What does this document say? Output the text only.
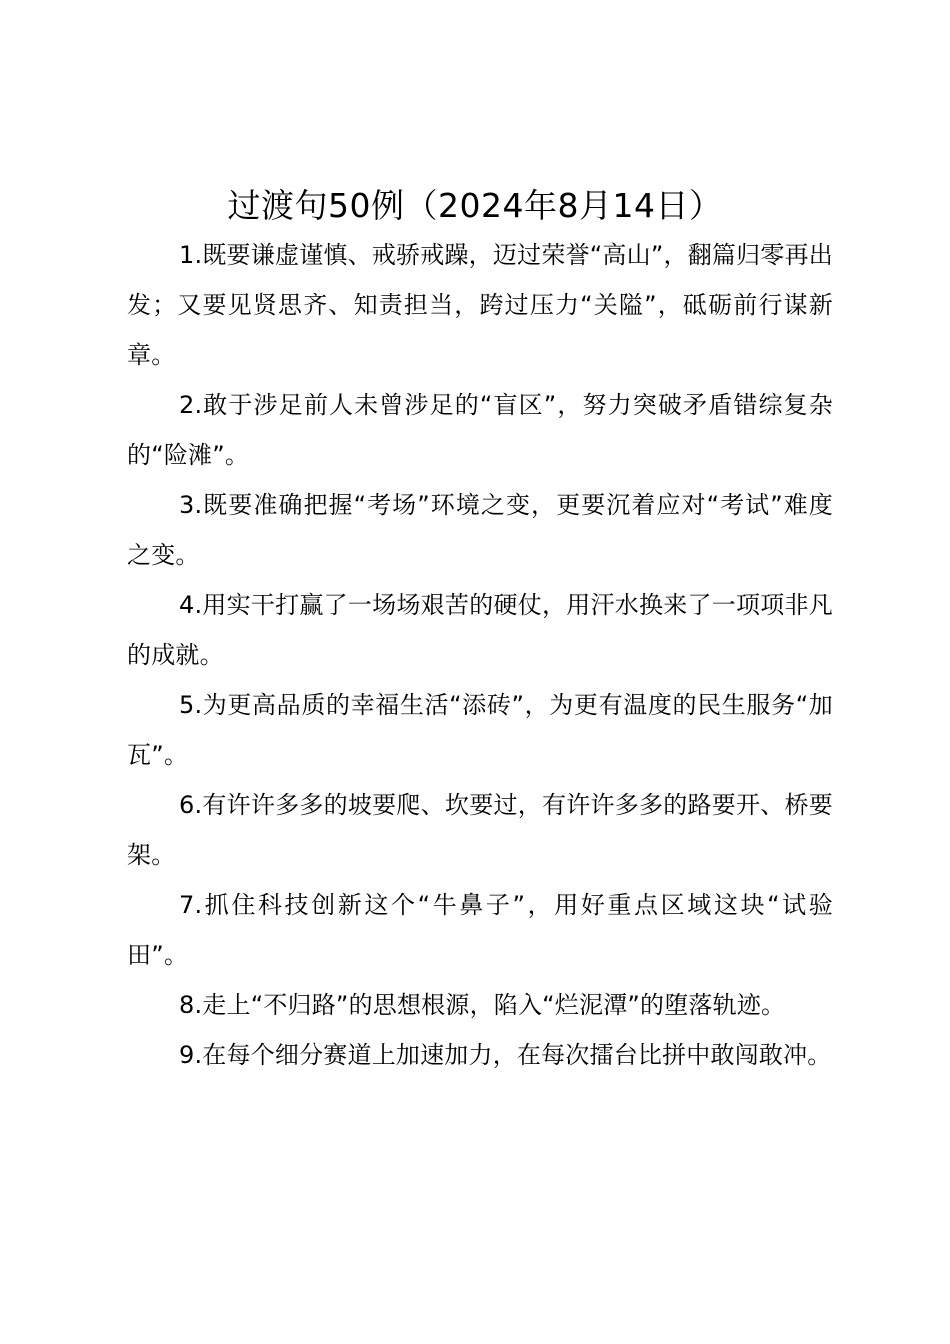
过渡句50例（2024年8月14日）

1.既要谦虚谨慎、戒骄戒躁，迈过荣誉“高山”，翻篇归零再出发；又要见贤思齐、知责担当，跨过压力“关隘”，砥砺前行谋新章。

2.敢于涉足前人未曾涉足的“盲区”，努力突破矛盾错综复杂的“险滩”。

3.既要准确把握“考场”环境之变，更要沉着应对“考试”难度之变。

4.用实干打赢了一场场艰苦的硬仗，用汗水换来了一项项非凡的成就。

5.为更高品质的幸福生活“添砖”，为更有温度的民生服务“加瓦”。

6.有许许多多的坡要爬、坎要过，有许许多多的路要开、桥要架。

7.抓住科技创新这个“牛鼻子”，用好重点区域这块“试验田”。

8.走上“不归路”的思想根源，陷入“烂泥潭”的堕落轨迹。

9.在每个细分赛道上加速加力，在每次擂台比拼中敢闯敢冲。
